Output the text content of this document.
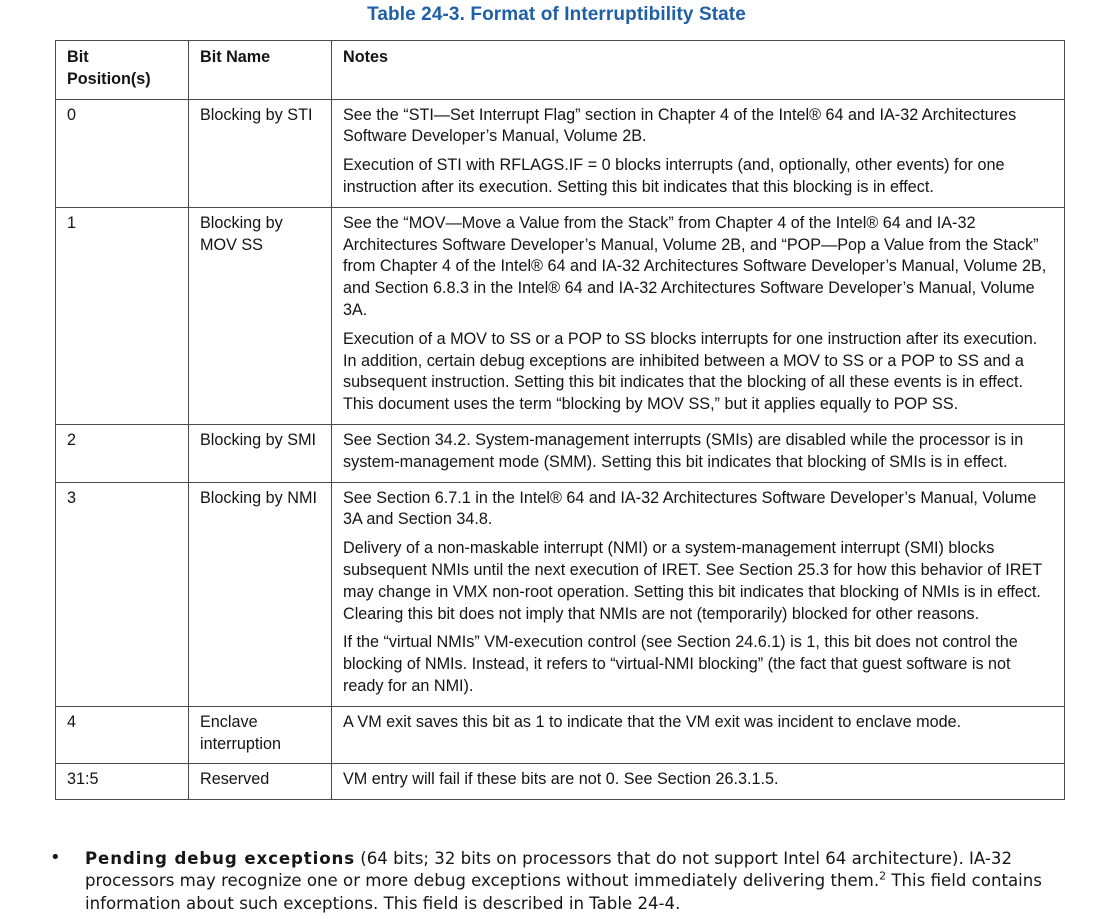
Table 24-3. Format of Interruptibility State
Bit Position(s)	Bit Name	Notes
0	Blocking by STI	See the “STI—Set Interrupt Flag” section in Chapter 4 of the Intel® 64 and IA-32 Architectures Software Developer’s Manual, Volume 2B.

Execution of STI with RFLAGS.IF = 0 blocks interrupts (and, optionally, other events) for one instruction after its execution. Setting this bit indicates that this blocking is in effect.

1	Blocking by MOV SS	See the “MOV—Move a Value from the Stack” from Chapter 4 of the Intel® 64 and IA-32 Architectures Software Developer’s Manual, Volume 2B, and “POP—Pop a Value from the Stack” from Chapter 4 of the Intel® 64 and IA-32 Architectures Software Developer’s Manual, Volume 2B, and Section 6.8.3 in the Intel® 64 and IA-32 Architectures Software Developer’s Manual, Volume 3A.

Execution of a MOV to SS or a POP to SS blocks interrupts for one instruction after its execution. In addition, certain debug exceptions are inhibited between a MOV to SS or a POP to SS and a subsequent instruction. Setting this bit indicates that the blocking of all these events is in effect. This document uses the term “blocking by MOV SS,” but it applies equally to POP SS.

2	Blocking by SMI	See Section 34.2. System-management interrupts (SMIs) are disabled while the processor is in system-management mode (SMM). Setting this bit indicates that blocking of SMIs is in effect.

3	Blocking by NMI	See Section 6.7.1 in the Intel® 64 and IA-32 Architectures Software Developer’s Manual, Volume 3A and Section 34.8.

Delivery of a non-maskable interrupt (NMI) or a system-management interrupt (SMI) blocks subsequent NMIs until the next execution of IRET. See Section 25.3 for how this behavior of IRET may change in VMX non-root operation. Setting this bit indicates that blocking of NMIs is in effect. Clearing this bit does not imply that NMIs are not (temporarily) blocked for other reasons.

If the “virtual NMIs” VM-execution control (see Section 24.6.1) is 1, this bit does not control the blocking of NMIs. Instead, it refers to “virtual-NMI blocking” (the fact that guest software is not ready for an NMI).

4	Enclave interruption	A VM exit saves this bit as 1 to indicate that the VM exit was incident to enclave mode.

31:5	Reserved	VM entry will fail if these bits are not 0. See Section 26.3.1.5.

• Pending debug exceptions (64 bits; 32 bits on processors that do not support Intel 64 architecture). IA-32 processors may recognize one or more debug exceptions without immediately delivering them.$^2$ This field contains information about such exceptions. This field is described in Table 24-4.
